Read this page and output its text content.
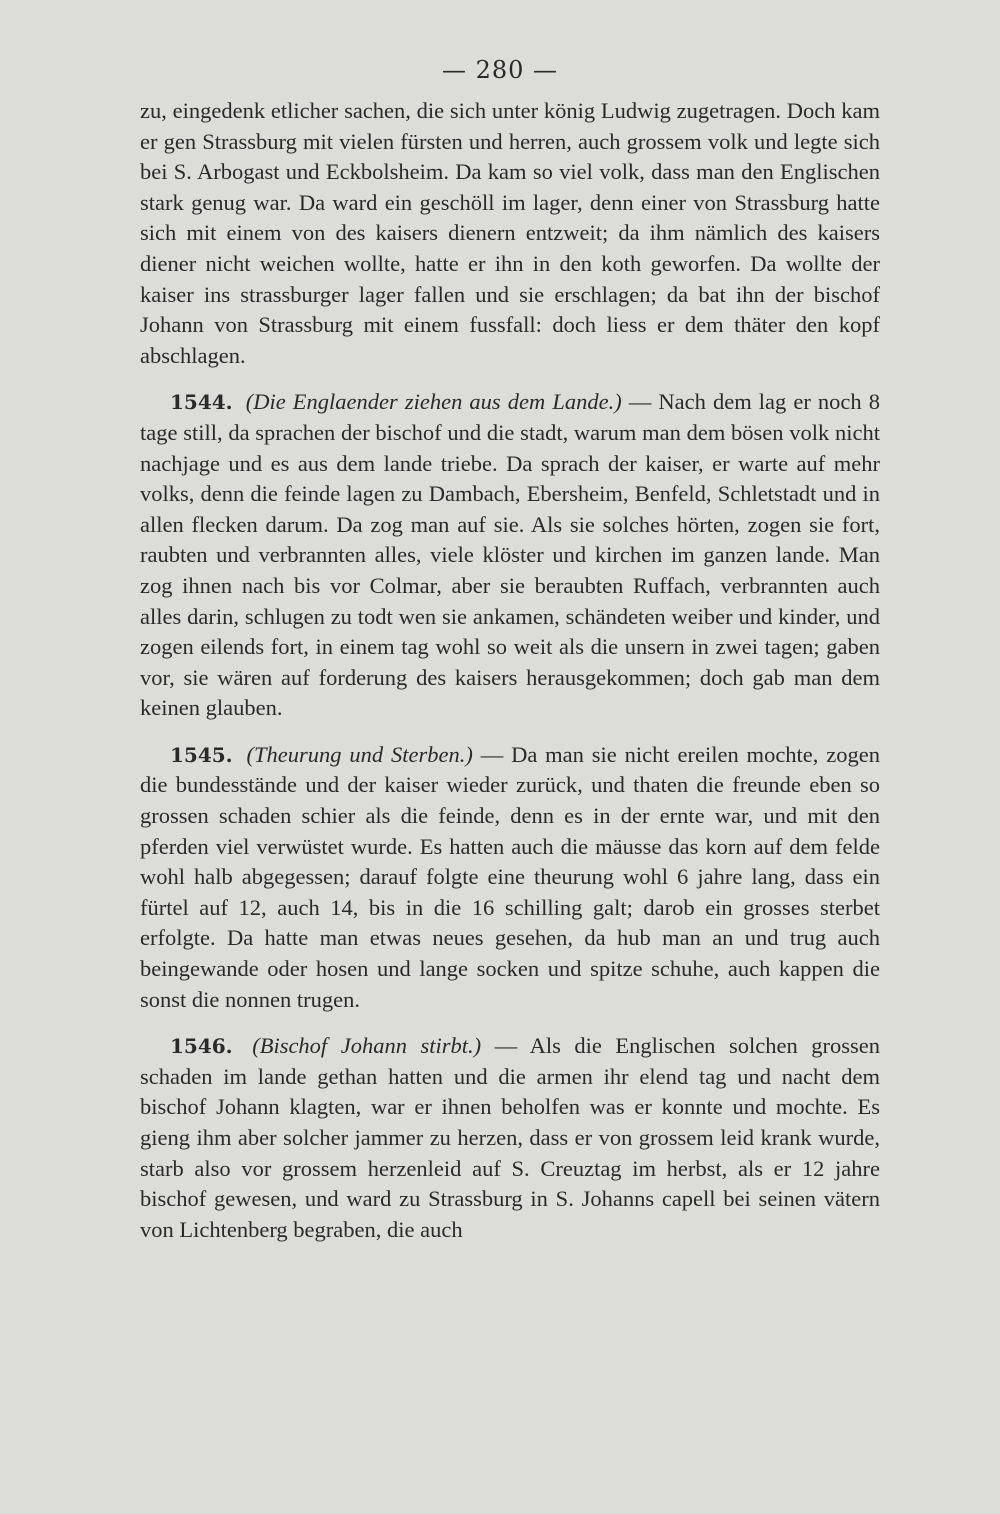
— 280 —

zu, eingedenk etlicher sachen, die sich unter könig Ludwig zugetragen. Doch kam er gen Strassburg mit vielen fürsten und herren, auch grossem volk und legte sich bei S. Arbogast und Eckbolsheim. Da kam so viel volk, dass man den Englischen stark genug war. Da ward ein geschöll im lager, denn einer von Strassburg hatte sich mit einem von des kaisers dienern entzweit; da ihm nämlich des kaisers diener nicht weichen wollte, hatte er ihn in den koth geworfen. Da wollte der kaiser ins strassburger lager fallen und sie erschlagen; da bat ihn der bischof Johann von Strassburg mit einem fussfall: doch liess er dem thäter den kopf abschlagen.

1544. (Die Englaender ziehen aus dem Lande.) — Nach dem lag er noch 8 tage still, da sprachen der bischof und die stadt, warum man dem bösen volk nicht nachjage und es aus dem lande triebe. Da sprach der kaiser, er warte auf mehr volks, denn die feinde lagen zu Dambach, Ebersheim, Benfeld, Schletstadt und in allen flecken darum. Da zog man auf sie. Als sie solches hörten, zogen sie fort, raubten und verbrannten alles, viele klöster und kirchen im ganzen lande. Man zog ihnen nach bis vor Colmar, aber sie beraubten Ruffach, verbrannten auch alles darin, schlugen zu todt wen sie ankamen, schändeten weiber und kinder, und zogen eilends fort, in einem tag wohl so weit als die unsern in zwei tagen; gaben vor, sie wären auf forderung des kaisers herausgekommen; doch gab man dem keinen glauben.

1545. (Theurung und Sterben.) — Da man sie nicht ereilen mochte, zogen die bundesstände und der kaiser wieder zurück, und thaten die freunde eben so grossen schaden schier als die feinde, denn es in der ernte war, und mit den pferden viel verwüstet wurde. Es hatten auch die mäusse das korn auf dem felde wohl halb abgegessen; darauf folgte eine theurung wohl 6 jahre lang, dass ein fürtel auf 12, auch 14, bis in die 16 schilling galt; darob ein grosses sterbet erfolgte. Da hatte man etwas neues gesehen, da hub man an und trug auch beingewande oder hosen und lange socken und spitze schuhe, auch kappen die sonst die nonnen trugen.

1546. (Bischof Johann stirbt.) — Als die Englischen solchen grossen schaden im lande gethan hatten und die armen ihr elend tag und nacht dem bischof Johann klagten, war er ihnen beholfen was er konnte und mochte. Es gieng ihm aber solcher jammer zu herzen, dass er von grossem leid krank wurde, starb also vor grossem herzenleid auf S. Creuztag im herbst, als er 12 jahre bischof gewesen, und ward zu Strassburg in S. Johanns capell bei seinen vätern von Lichtenberg begraben, die auch
